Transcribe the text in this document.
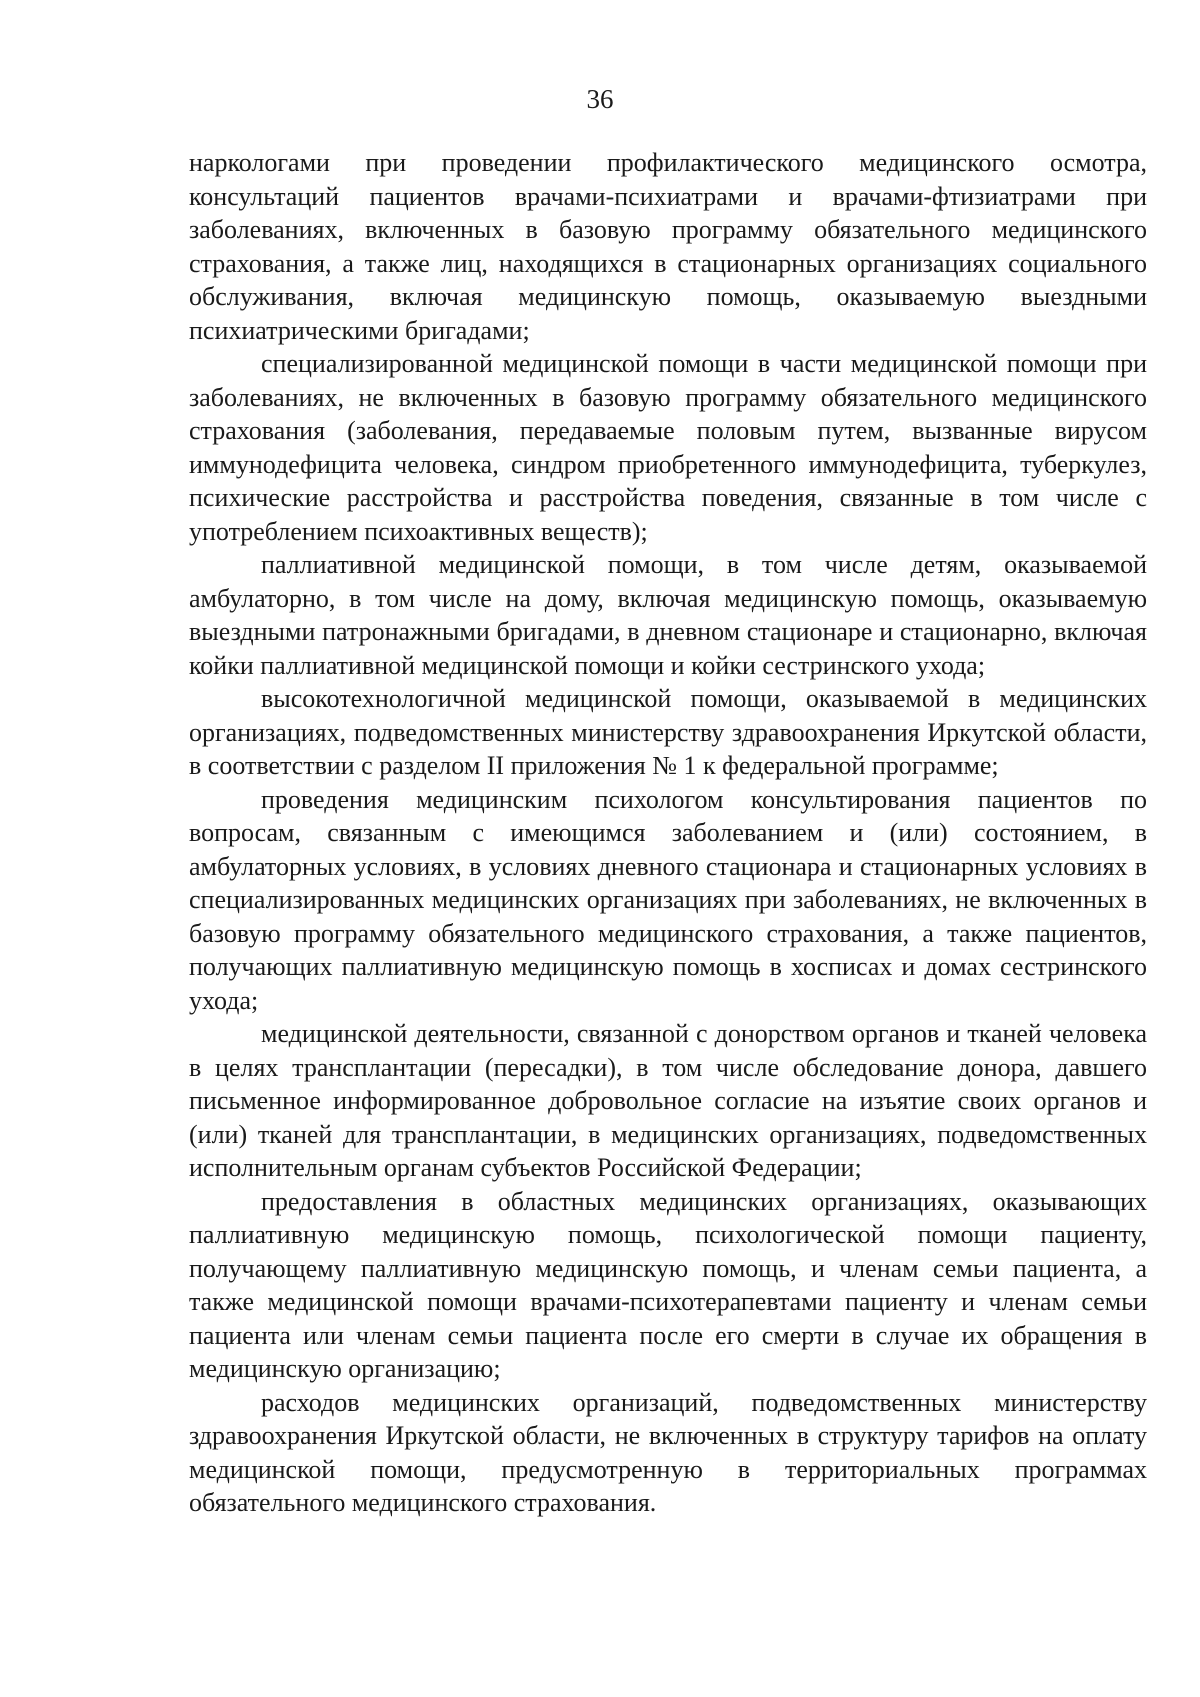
36

наркологами при проведении профилактического медицинского осмотра, консультаций пациентов врачами-психиатрами и врачами-фтизиатрами при заболеваниях, включенных в базовую программу обязательного медицинского страхования, а также лиц, находящихся в стационарных организациях социального обслуживания, включая медицинскую помощь, оказываемую выездными психиатрическими бригадами;

специализированной медицинской помощи в части медицинской помощи при заболеваниях, не включенных в базовую программу обязательного медицинского страхования (заболевания, передаваемые половым путем, вызванные вирусом иммунодефицита человека, синдром приобретенного иммунодефицита, туберкулез, психические расстройства и расстройства поведения, связанные в том числе с употреблением психоактивных веществ);

паллиативной медицинской помощи, в том числе детям, оказываемой амбулаторно, в том числе на дому, включая медицинскую помощь, оказываемую выездными патронажными бригадами, в дневном стационаре и стационарно, включая койки паллиативной медицинской помощи и койки сестринского ухода;

высокотехнологичной медицинской помощи, оказываемой в медицинских организациях, подведомственных министерству здравоохранения Иркутской области, в соответствии с разделом II приложения № 1 к федеральной программе;

проведения медицинским психологом консультирования пациентов по вопросам, связанным с имеющимся заболеванием и (или) состоянием, в амбулаторных условиях, в условиях дневного стационара и стационарных условиях в специализированных медицинских организациях при заболеваниях, не включенных в базовую программу обязательного медицинского страхования, а также пациентов, получающих паллиативную медицинскую помощь в хосписах и домах сестринского ухода;

медицинской деятельности, связанной с донорством органов и тканей человека в целях трансплантации (пересадки), в том числе обследование донора, давшего письменное информированное добровольное согласие на изъятие своих органов и (или) тканей для трансплантации, в медицинских организациях, подведомственных исполнительным органам субъектов Российской Федерации;

предоставления в областных медицинских организациях, оказывающих паллиативную медицинскую помощь, психологической помощи пациенту, получающему паллиативную медицинскую помощь, и членам семьи пациента, а также медицинской помощи врачами-психотерапевтами пациенту и членам семьи пациента или членам семьи пациента после его смерти в случае их обращения в медицинскую организацию;

расходов медицинских организаций, подведомственных министерству здравоохранения Иркутской области, не включенных в структуру тарифов на оплату медицинской помощи, предусмотренную в территориальных программах обязательного медицинского страхования.
